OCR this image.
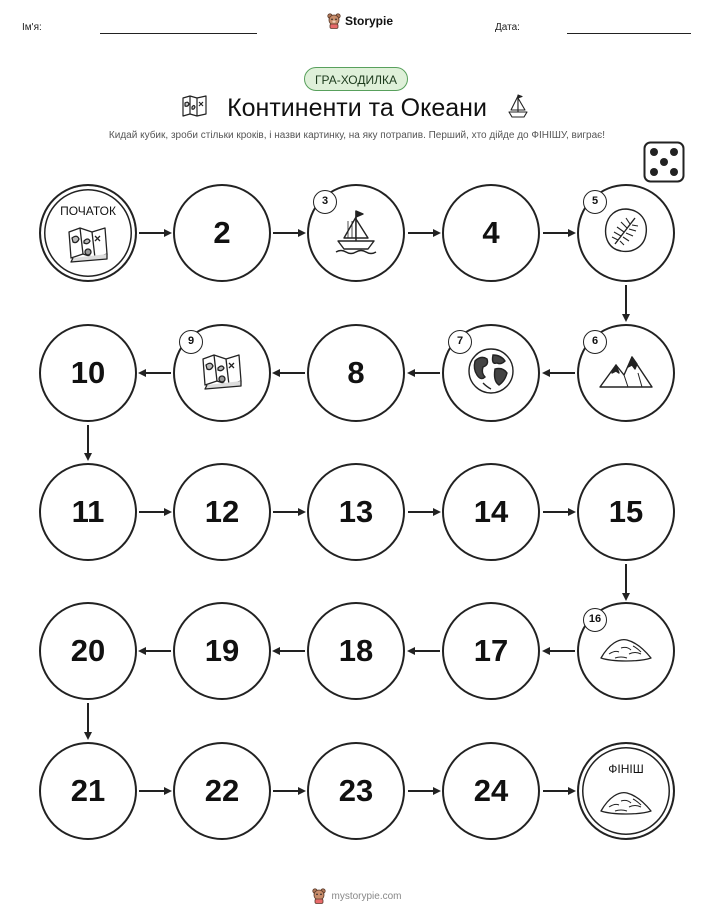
Ім'я:	Storypie	Дата:
ГРА-ХОДИЛКА
Континенти та Океани
Кидай кубик, зроби стільки кроків, і назви картинку, на яку потрапив. Перший, хто дійде до ФІНІШУ, виграє!
ПОЧАТОК
2
3
4
5
6
7
8
9
10
11	12	13	14	15
16
17
18
19
20
21	22	23	24
ФІНІШ
mystorypie.com
